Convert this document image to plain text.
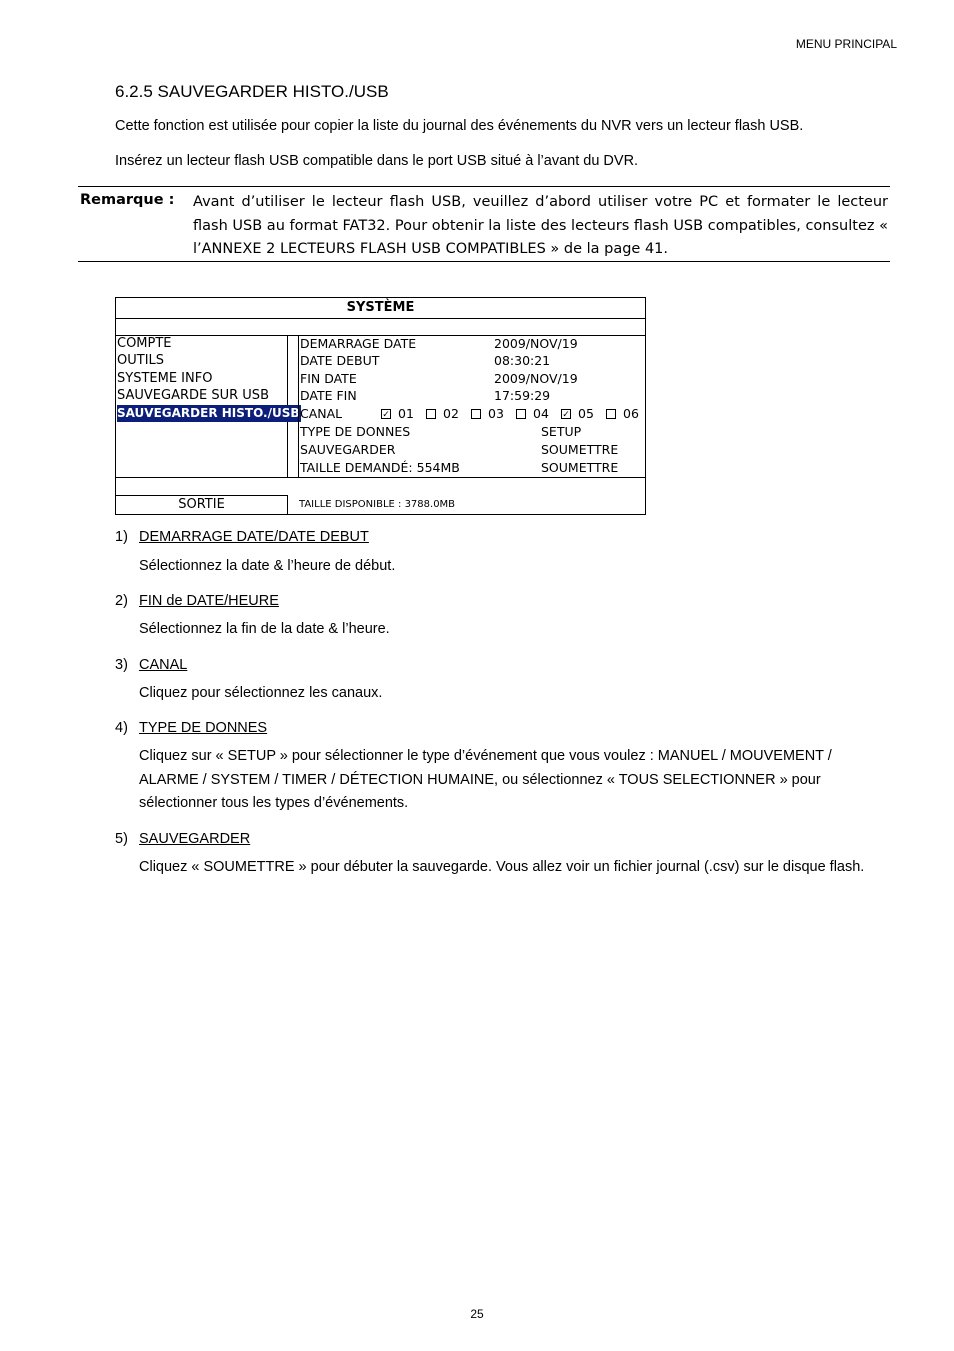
MENU PRINCIPAL
6.2.5 SAUVEGARDER HISTO./USB
Cette fonction est utilisée pour copier la liste du journal des événements du NVR vers un lecteur flash USB.
Insérez un lecteur flash USB compatible dans le port USB situé à l’avant du DVR.
Remarque : Avant d’utiliser le lecteur flash USB, veuillez d’abord utiliser votre PC et formater le lecteur flash USB au format FAT32. Pour obtenir la liste des lecteurs flash USB compatibles, consultez « l’ANNEXE 2 LECTEURS FLASH USB COMPATIBLES » de la page 41.
SYSTÈME
COMPTE
OUTILS
SYSTEME INFO
SAUVEGARDE SUR USB
SAUVEGARDER HISTO./USB
DEMARRAGE DATE	2009/NOV/19
DATE DEBUT	08:30:21
FIN DATE	2009/NOV/19
DATE FIN	17:59:29
CANAL	✓ 01 02 03 04 ✓ 05 06
TYPE DE DONNES	SETUP
SAUVEGARDER	SOUMETTRE
TAILLE DEMANDÉ: 554MB	SOUMETTRE
SORTIE	TAILLE DISPONIBLE : 3788.0MB
1) DEMARRAGE DATE/DATE DEBUT
Sélectionnez la date & l’heure de début.
2) FIN de DATE/HEURE
Sélectionnez la fin de la date & l’heure.
3) CANAL
Cliquez pour sélectionnez les canaux.
4) TYPE DE DONNES
Cliquez sur « SETUP » pour sélectionner le type d’événement que vous voulez : MANUEL / MOUVEMENT / ALARME / SYSTEM / TIMER / DÉTECTION HUMAINE, ou sélectionnez « TOUS SELECTIONNER » pour sélectionner tous les types d’événements.
5) SAUVEGARDER
Cliquez « SOUMETTRE » pour débuter la sauvegarde. Vous allez voir un fichier journal (.csv) sur le disque flash.
25
